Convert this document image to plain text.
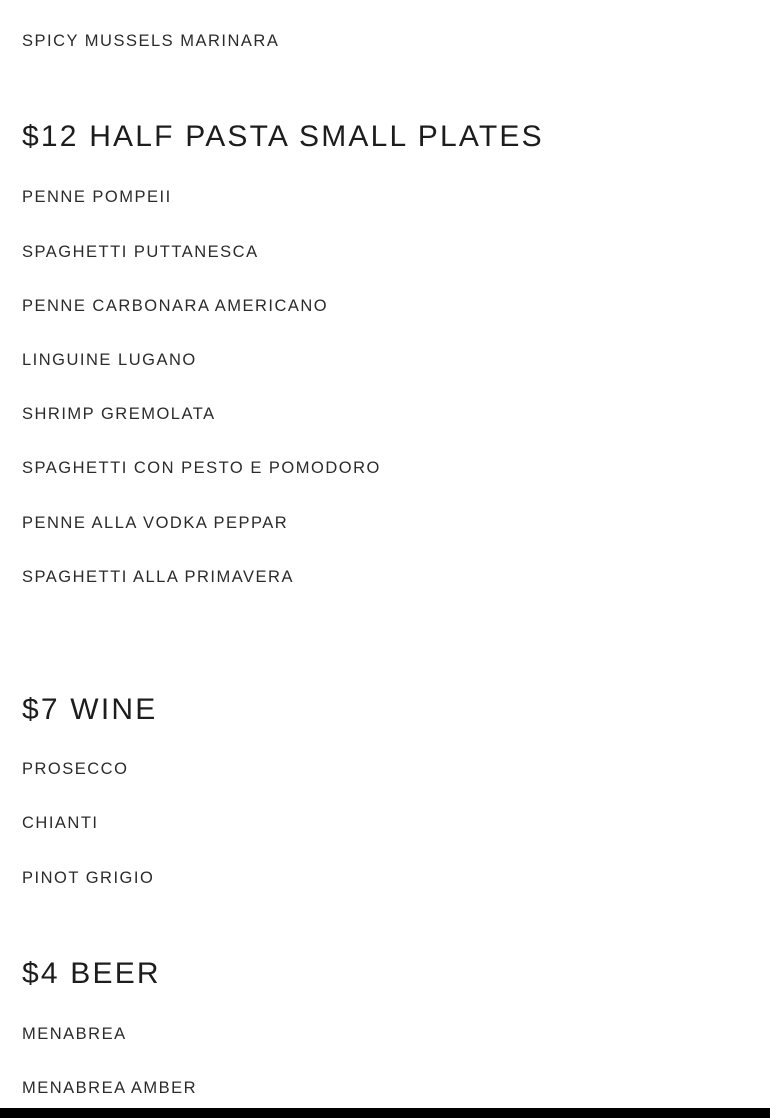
SPICY MUSSELS MARINARA
$12 HALF PASTA SMALL PLATES
PENNE POMPEII
SPAGHETTI PUTTANESCA
PENNE CARBONARA AMERICANO
LINGUINE LUGANO
SHRIMP GREMOLATA
SPAGHETTI CON PESTO E POMODORO
PENNE ALLA VODKA PEPPAR
SPAGHETTI ALLA PRIMAVERA
$7 WINE
PROSECCO
CHIANTI
PINOT GRIGIO
$4 BEER
MENABREA
MENABREA AMBER
